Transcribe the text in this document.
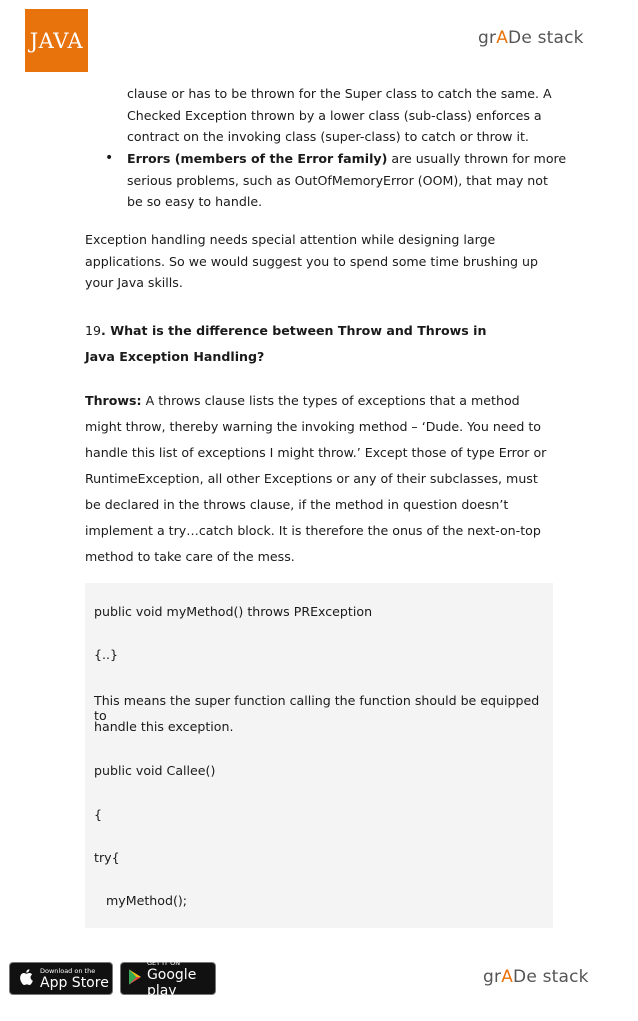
JAVA	grADe stack
clause or has to be thrown for the Super class to catch the same. A Checked Exception thrown by a lower class (sub-class) enforces a contract on the invoking class (super-class) to catch or throw it.
• Errors (members of the Error family) are usually thrown for more serious problems, such as OutOfMemoryError (OOM), that may not be so easy to handle.
Exception handling needs special attention while designing large applications. So we would suggest you to spend some time brushing up your Java skills.
19. What is the difference between Throw and Throws in Java Exception Handling?
Throws: A throws clause lists the types of exceptions that a method might throw, thereby warning the invoking method – ‘Dude. You need to handle this list of exceptions I might throw.’ Except those of type Error or RuntimeException, all other Exceptions or any of their subclasses, must be declared in the throws clause, if the method in question doesn’t implement a try…catch block. It is therefore the onus of the next-on-top method to take care of the mess.
public void myMethod() throws PRException
{..}
This means the super function calling the function should be equipped to
handle this exception.
public void Callee()
{
try{
myMethod();
Download on the
App Store
GET IT ON
Google play
grADe stack
